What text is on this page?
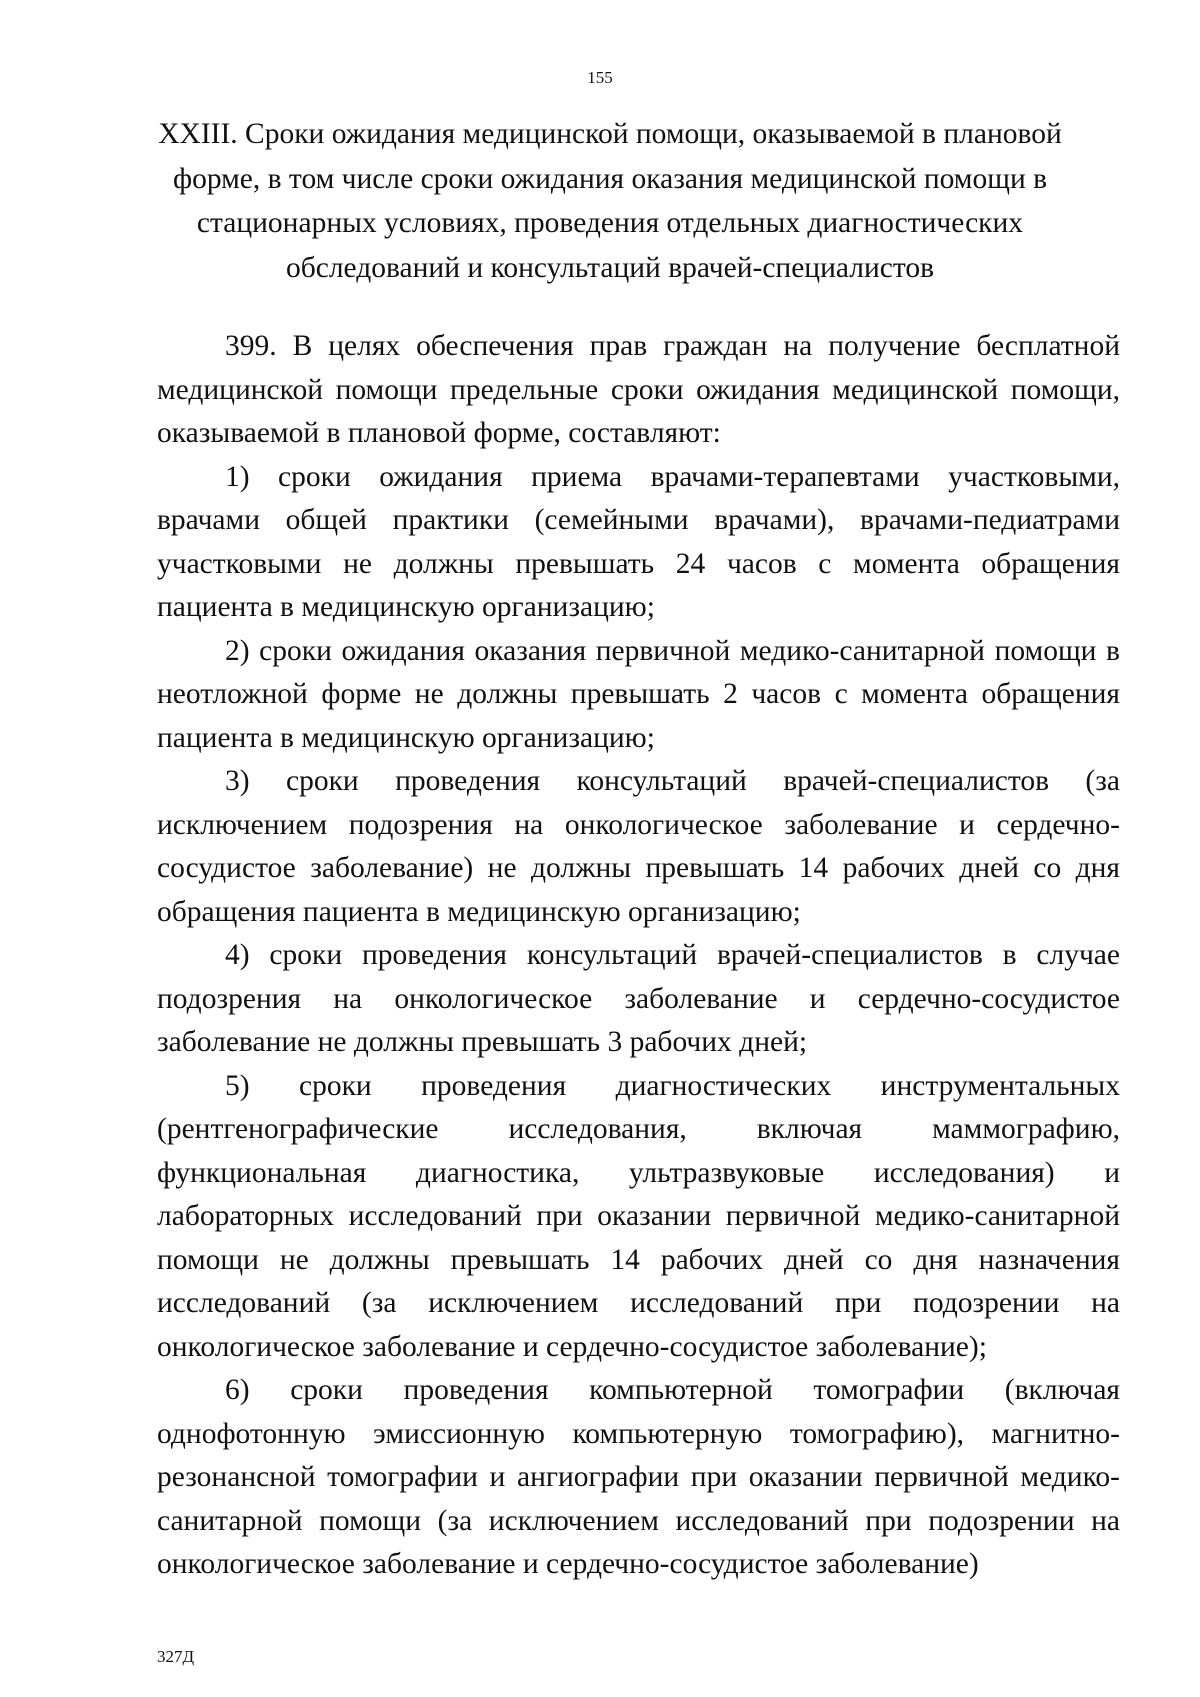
155
XXIII. Сроки ожидания медицинской помощи, оказываемой в плановой форме, в том числе сроки ожидания оказания медицинской помощи в стационарных условиях, проведения отдельных диагностических обследований и консультаций врачей-специалистов

399. В целях обеспечения прав граждан на получение бесплатной медицинской помощи предельные сроки ожидания медицинской помощи, оказываемой в плановой форме, составляют:

1) сроки ожидания приема врачами-терапевтами участковыми, врачами общей практики (семейными врачами), врачами-педиатрами участковыми не должны превышать 24 часов с момента обращения пациента в медицинскую организацию;

2) сроки ожидания оказания первичной медико-санитарной помощи в неотложной форме не должны превышать 2 часов с момента обращения пациента в медицинскую организацию;

3) сроки проведения консультаций врачей-специалистов (за исключением подозрения на онкологическое заболевание и сердечно-сосудистое заболевание) не должны превышать 14 рабочих дней со дня обращения пациента в медицинскую организацию;

4) сроки проведения консультаций врачей-специалистов в случае подозрения на онкологическое заболевание и сердечно-сосудистое заболевание не должны превышать 3 рабочих дней;

5) сроки проведения диагностических инструментальных (рентгенографические исследования, включая маммографию, функциональная диагностика, ультразвуковые исследования) и лабораторных исследований при оказании первичной медико-санитарной помощи не должны превышать 14 рабочих дней со дня назначения исследований (за исключением исследований при подозрении на онкологическое заболевание и сердечно-сосудистое заболевание);

6) сроки проведения компьютерной томографии (включая однофотонную эмиссионную компьютерную томографию), магнитно-резонансной томографии и ангиографии при оказании первичной медико-санитарной помощи (за исключением исследований при подозрении на онкологическое заболевание и сердечно-сосудистое заболевание)

327Д
